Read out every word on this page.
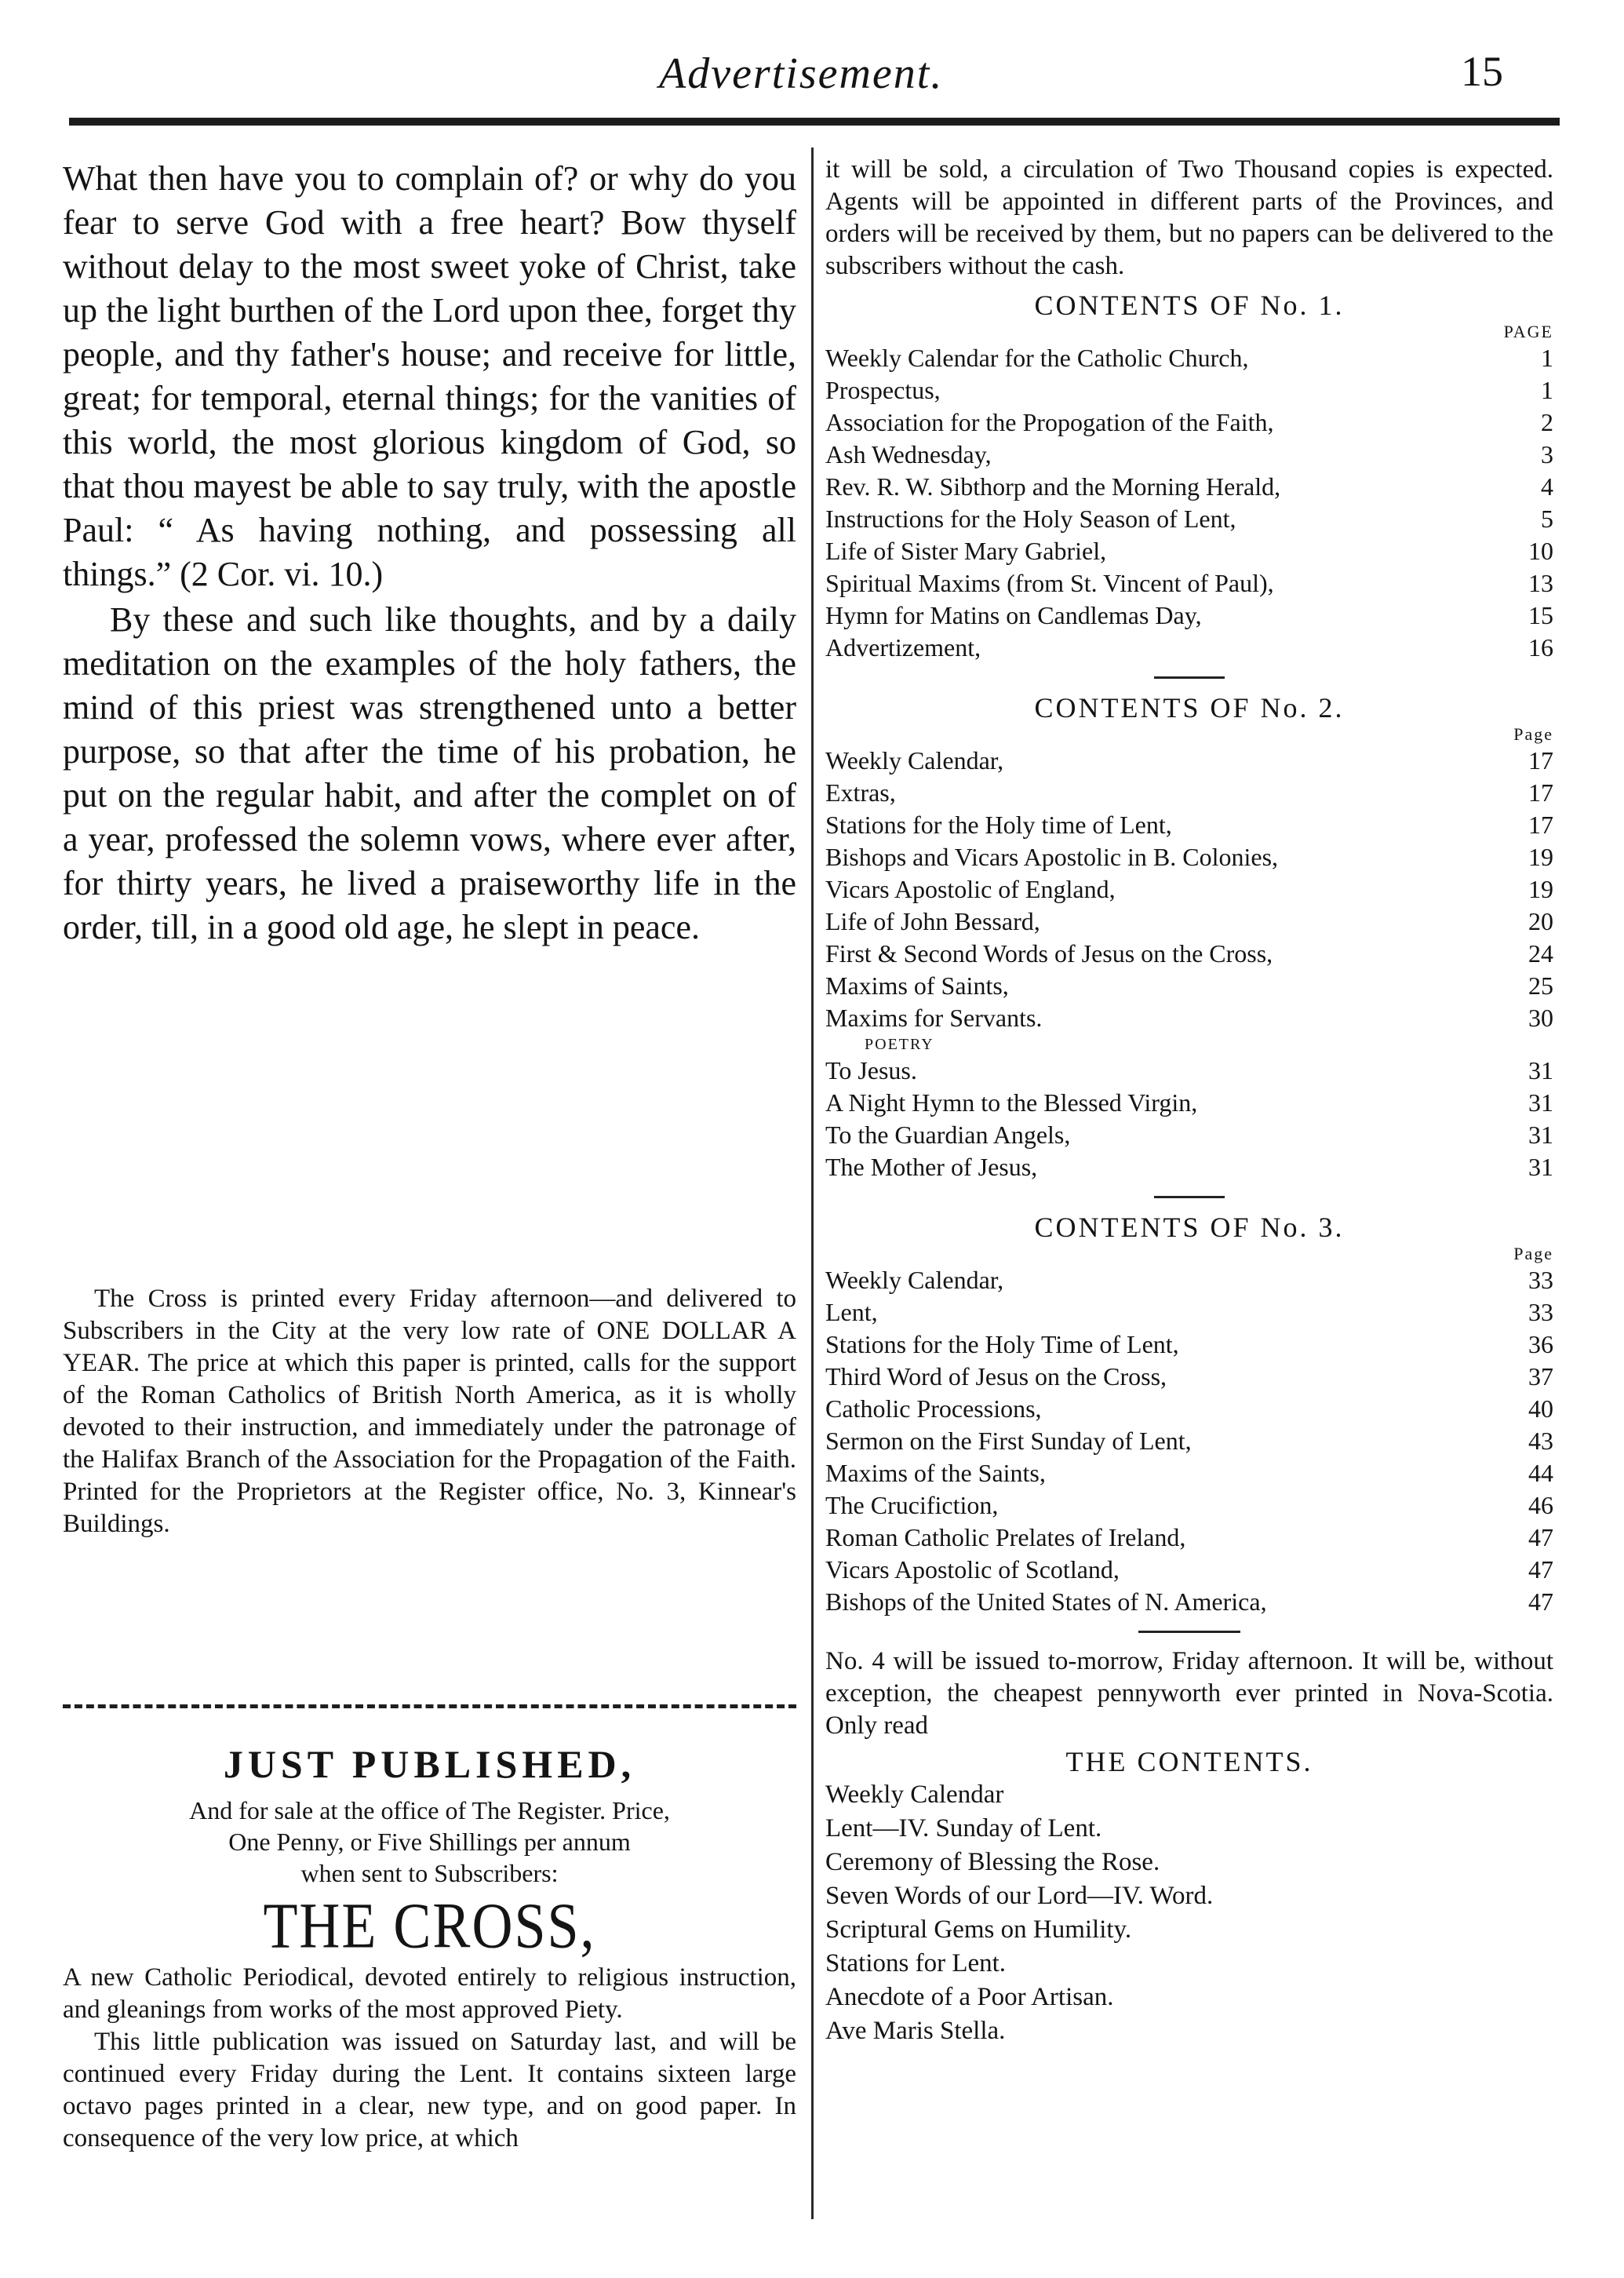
Advertisement.	15

What then have you to complain of? or why do you fear to serve God with a free heart? Bow thyself without delay to the most sweet yoke of Christ, take up the light burthen of the Lord upon thee, forget thy people, and thy father's house; and receive for little, great; for temporal, eternal things; for the vanities of this world, the most glorious kingdom of God, so that thou mayest be able to say truly, with the apostle Paul: “ As having nothing, and possessing all things.” (2 Cor. vi. 10.)

By these and such like thoughts, and by a daily meditation on the examples of the holy fathers, the mind of this priest was strengthened unto a better purpose, so that after the time of his probation, he put on the regular habit, and after the complet on of a year, professed the solemn vows, where ever after, for thirty years, he lived a praiseworthy life in the order, till, in a good old age, he slept in peace.

The Cross is printed every Friday afternoon—and delivered to Subscribers in the City at the very low rate of ONE DOLLAR A YEAR. The price at which this paper is printed, calls for the support of the Roman Catholics of British North America, as it is wholly devoted to their instruction, and immediately under the patronage of the Halifax Branch of the Association for the Propagation of the Faith. Printed for the Proprietors at the Register office, No. 3, Kinnear's Buildings.

JUST PUBLISHED,

And for sale at the office of The Register. Price,

One Penny, or Five Shillings per annum

when sent to Subscribers:

THE CROSS,

A new Catholic Periodical, devoted entirely to religious instruction, and gleanings from works of the most approved Piety.

This little publication was issued on Saturday last, and will be continued every Friday during the Lent. It contains sixteen large octavo pages printed in a clear, new type, and on good paper. In consequence of the very low price, at which

it will be sold, a circulation of Two Thousand copies is expected. Agents will be appointed in different parts of the Provinces, and orders will be received by them, but no papers can be delivered to the subscribers without the cash.

CONTENTS OF No. 1.

PAGE

Weekly Calendar for the Catholic Church,	1
Prospectus,	1
Association for the Propogation of the Faith,	2
Ash Wednesday,	3
Rev. R. W. Sibthorp and the Morning Herald,	4
Instructions for the Holy Season of Lent,	5
Life of Sister Mary Gabriel,	10
Spiritual Maxims (from St. Vincent of Paul),	13
Hymn for Matins on Candlemas Day,	15
Advertizement,	16

CONTENTS OF No. 2.

Page

Weekly Calendar,	17
Extras,	17
Stations for the Holy time of Lent,	17
Bishops and Vicars Apostolic in B. Colonies,	19
Vicars Apostolic of England,	19
Life of John Bessard,	20
First & Second Words of Jesus on the Cross,	24
Maxims of Saints,	25
Maxims for Servants.	30

POETRY

To Jesus.	31
A Night Hymn to the Blessed Virgin,	31
To the Guardian Angels,	31
The Mother of Jesus,	31

CONTENTS OF No. 3.

Page

Weekly Calendar,	33
Lent,	33
Stations for the Holy Time of Lent,	36
Third Word of Jesus on the Cross,	37
Catholic Processions,	40
Sermon on the First Sunday of Lent,	43
Maxims of the Saints,	44
The Crucifiction,	46
Roman Catholic Prelates of Ireland,	47
Vicars Apostolic of Scotland,	47
Bishops of the United States of N. America,	47

No. 4 will be issued to-morrow, Friday afternoon. It will be, without exception, the cheapest pennyworth ever printed in Nova-Scotia. Only read

THE CONTENTS.

Weekly Calendar
Lent—IV. Sunday of Lent.
Ceremony of Blessing the Rose.
Seven Words of our Lord—IV. Word.
Scriptural Gems on Humility.
Stations for Lent.
Anecdote of a Poor Artisan.
Ave Maris Stella.
